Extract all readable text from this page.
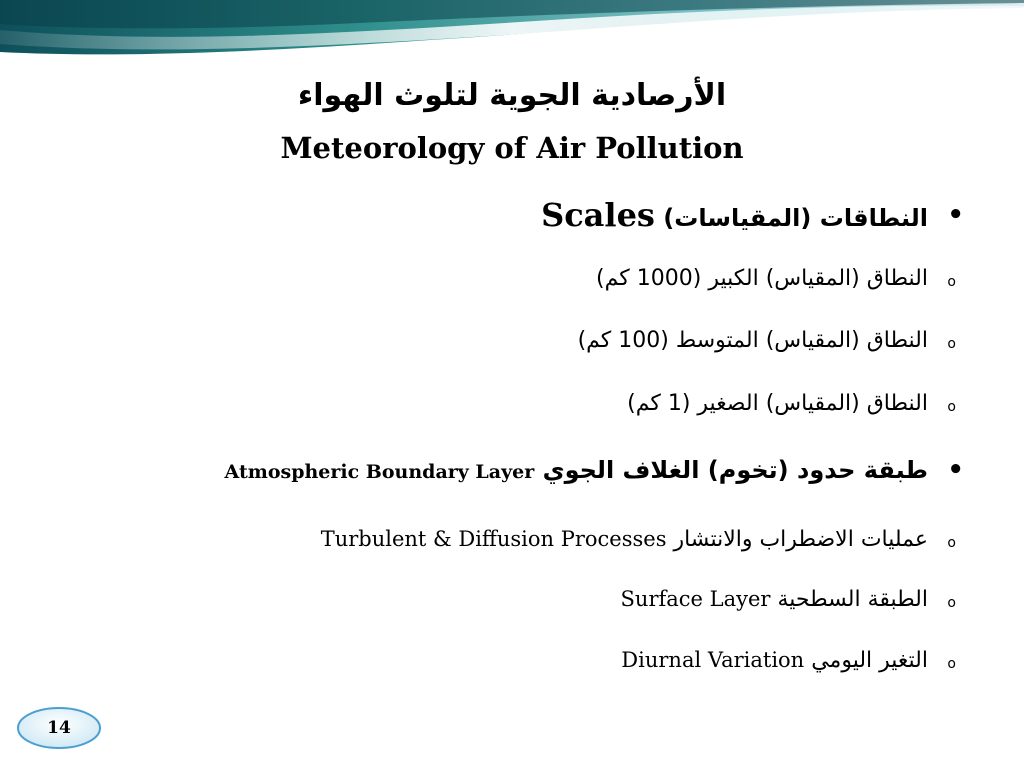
الأرصادية الجوية لتلوث الهواء
Meteorology of Air Pollution
•
النطاقات (المقياسات) Scales
o
النطاق (المقياس) الكبير (1000 كم)
o
النطاق (المقياس) المتوسط (100 كم)
o
النطاق (المقياس) الصغير (1 كم)
•
طبقة حدود (تخوم) الغلاف الجوي Atmospheric Boundary Layer
o
عمليات الاضطراب والانتشار Turbulent & Diffusion Processes
o
الطبقة السطحية Surface Layer
o
التغير اليومي Diurnal Variation
14
